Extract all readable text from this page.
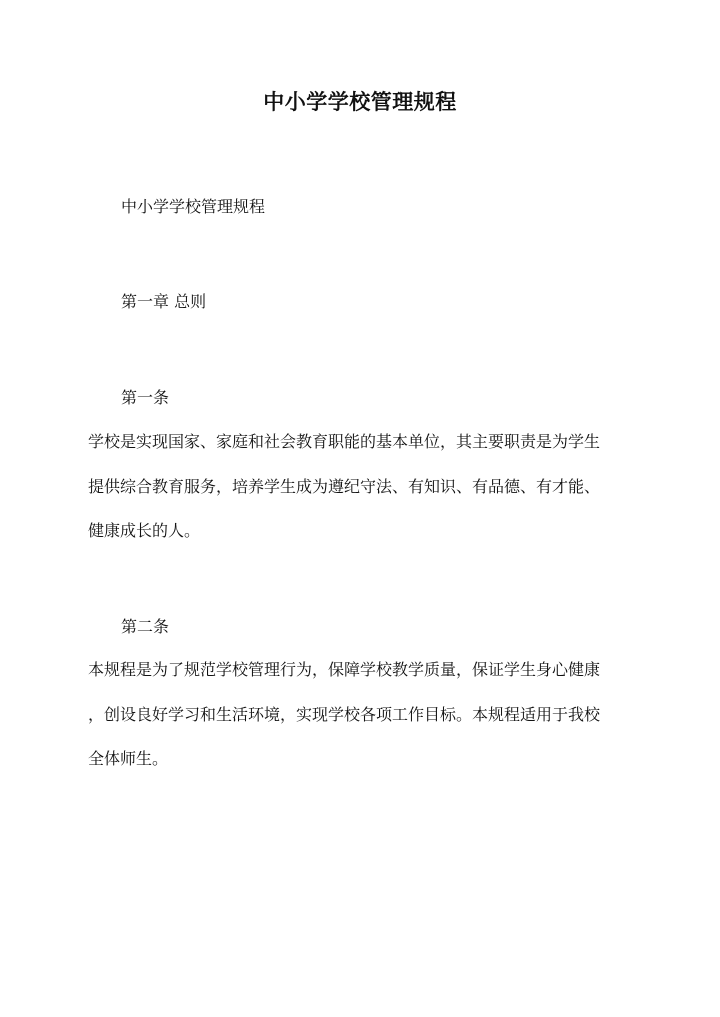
中小学学校管理规程

中小学学校管理规程

第一章 总则

第一条

学校是实现国家、家庭和社会教育职能的基本单位，其主要职责是为学生

提供综合教育服务，培养学生成为遵纪守法、有知识、有品德、有才能、

健康成长的人。

第二条

本规程是为了规范学校管理行为，保障学校教学质量，保证学生身心健康

，创设良好学习和生活环境，实现学校各项工作目标。本规程适用于我校

全体师生。
